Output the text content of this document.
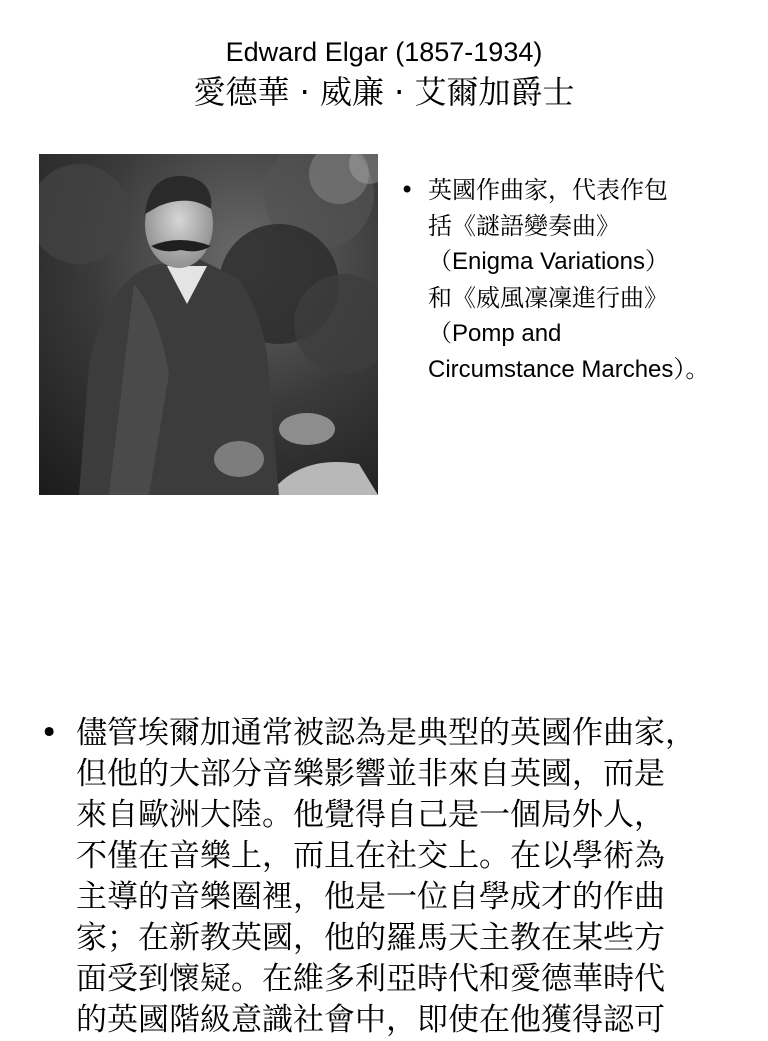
Edward Elgar (1857-1934)
愛德華 · 威廉 · 艾爾加爵士
• 英國作曲家，代表作包
括《謎語變奏曲》
（Enigma Variations）
和《威風凜凜進行曲》
（Pomp and
Circumstance Marches）。
• 儘管埃爾加通常被認為是典型的英國作曲家，
但他的大部分音樂影響並非來自英國，而是
來自歐洲大陸。他覺得自己是一個局外人，
不僅在音樂上，而且在社交上。在以學術為
主導的音樂圈裡，他是一位自學成才的作曲
家；在新教英國，他的羅馬天主教在某些方
面受到懷疑。在維多利亞時代和愛德華時代
的英國階級意識社會中，即使在他獲得認可
